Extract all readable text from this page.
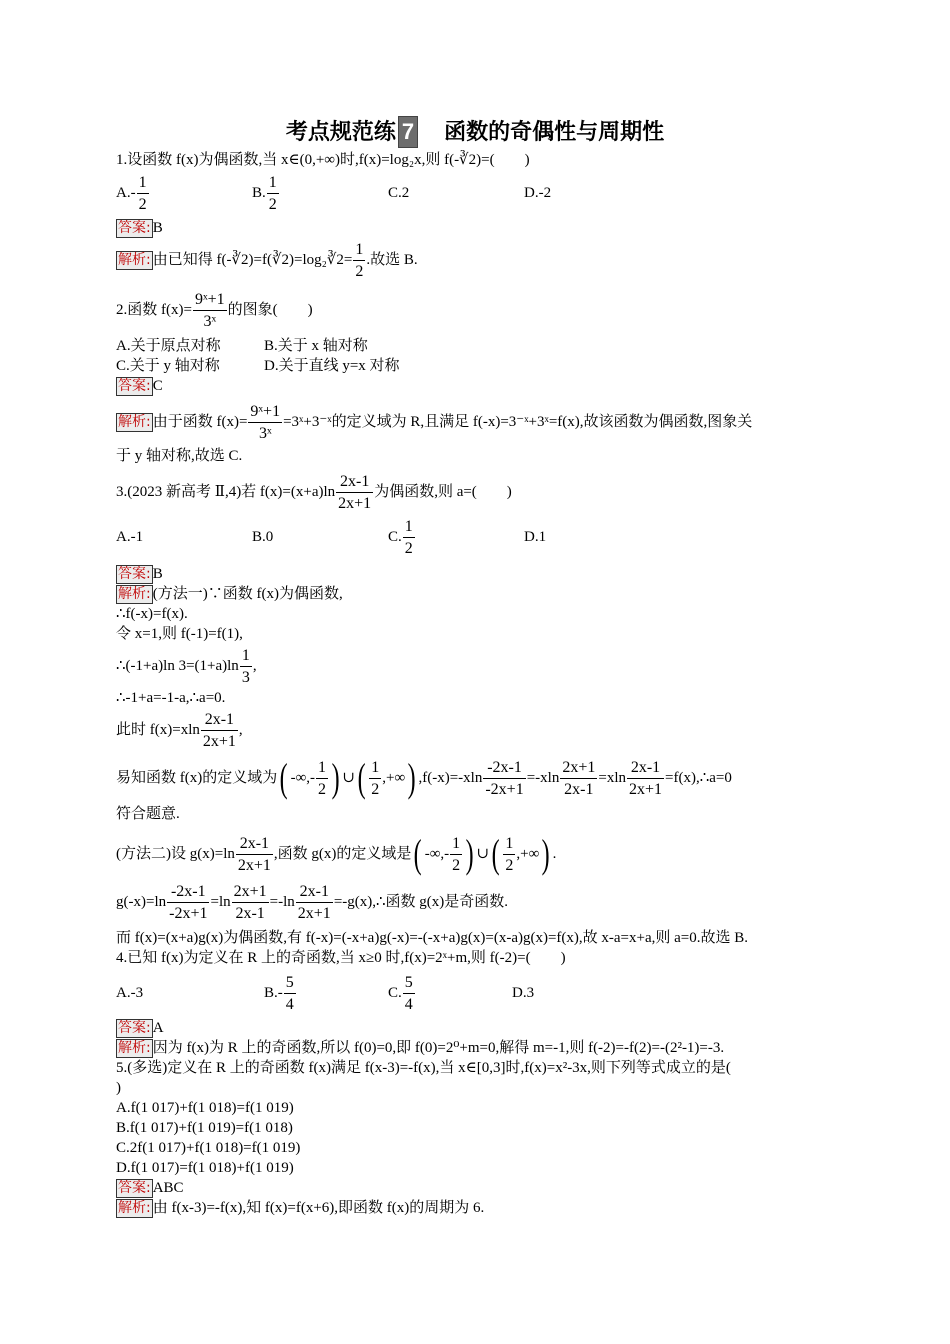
考点规范练 7　 函数的奇偶性与周期性
1.设函数 f(x)为偶函数,当 x∈(0,+∞)时,f(x)=log₂x,则 f(-∛2)=(　　)
$A.- \frac{1}{2}$	B. $\frac{1}{2}$	C.2	D.-2
答案: B
解析: 由已知得 f(-∛2)=f(∛2)=log₂∛2= $\frac{1}{2}$ .故选 B.
2.函数 $f(x)= \frac{\text{9ˣ+1}}{\text{3ˣ}}$ 的图象(　　)
A.关于原点对称	B.关于 x 轴对称
C.关于 y 轴对称	D.关于直线 y=x 对称
答案: C
解析: 由于函数 $f(x)= \frac{\text{9ˣ+1}}{\text{3ˣ}}$ =3ˣ+3⁻ˣ的定义域为 R,且满足 f(-x)=3⁻ˣ+3ˣ=f(x),故该函数为偶函数,图象关
于 y 轴对称,故选 C.
3.(2023 新高考 Ⅱ,4)若 $f(x)=(x+a)\ln \frac{2x-1}{2x+1}$ 为偶函数,则 a=(　　)
A.-1	B.0	C. $\frac{1}{2}$	D.1
答案: B
解析: (方法一)∵函数 f(x)为偶函数,
∴f(-x)=f(x).
令 x=1,则 f(-1)=f(1),
∴(-1+a)ln $3=(1+a)\ln \frac{1}{3}$ ,
∴-1+a=-1-a,∴a=0.
此时 $f(x)=xln \frac{2x-1}{2x+1}$ ,
易知函数 f(x)的定义域为 ( -∞,- $\frac{1}{2}$ ) ∪ ( $\frac{1}{2}$ ,+∞ ) $,f(-x)=-xln \frac{-2x-1}{-2x+1} =-xln \frac{2x+1}{2x-1} =xln \frac{2x-1}{2x+1}$ =f(x),∴a=0
符合题意.
(方法二)设 $g(x)=\ln \frac{2x-1}{2x+1}$ ,函数 g(x)的定义域是 ( -∞,- $\frac{1}{2}$ ) ∪ ( $\frac{1}{2}$ ,+∞ ) .
$g(-x)=\ln \frac{-2x-1}{-2x+1} =\ln \frac{2x+1}{2x-1} =-\ln \frac{2x-1}{2x+1}$ =-g(x),∴函数 g(x)是奇函数.
而 f(x)=(x+a)g(x)为偶函数,有 f(-x)=(-x+a)g(-x)=-(-x+a)g(x)=(x-a)g(x)=f(x),故 x-a=x+a,则 a=0.故选 B.
4.已知 f(x)为定义在 R 上的奇函数,当 x≥0 时,f(x)=2ˣ+m,则 f(-2)=(　　)
A.-3	$B.- \frac{5}{4}$	C. $\frac{5}{4}$	D.3
答案: A
解析: 因为 f(x)为 R 上的奇函数,所以 f(0)=0,即 f(0)=2⁰+m=0,解得 m=-1,则 f(-2)=-f(2)=-(2²-1)=-3.
5.(多选)定义在 R 上的奇函数 f(x)满足 f(x-3)=-f(x),当 x∈[0,3]时,f(x)=x²-3x,则下列等式成立的是(
)
A.f(1 017)+f(1 018)=f(1 019)
B.f(1 017)+f(1 019)=f(1 018)
C.2f(1 017)+f(1 018)=f(1 019)
D.f(1 017)=f(1 018)+f(1 019)
答案: ABC
解析: 由 f(x-3)=-f(x),知 f(x)=f(x+6),即函数 f(x)的周期为 6.
